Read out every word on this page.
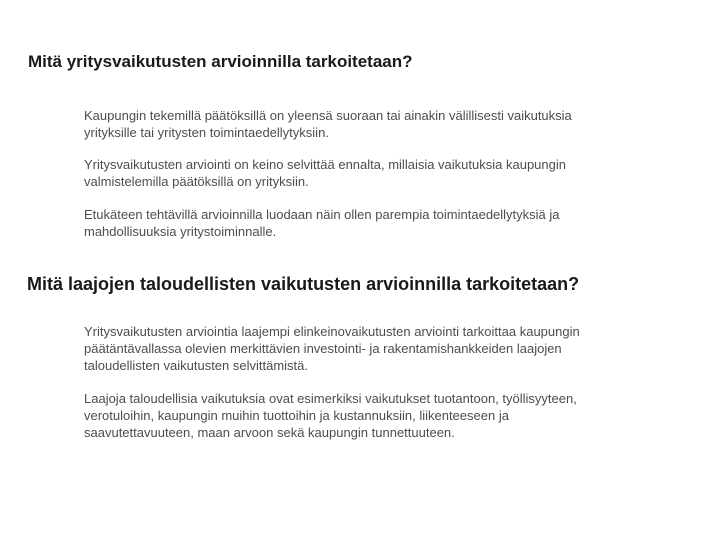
Mitä yritysvaikutusten arvioinnilla tarkoitetaan?

Kaupungin tekemillä päätöksillä on yleensä suoraan tai ainakin välillisesti vaikutuksia
yrityksille tai yritysten toimintaedellytyksiin.

Yritysvaikutusten arviointi on keino selvittää ennalta, millaisia vaikutuksia kaupungin
valmistelemilla päätöksillä on yrityksiin.

Etukäteen tehtävillä arvioinnilla luodaan näin ollen parempia toimintaedellytyksiä ja
mahdollisuuksia yritystoiminnalle.

Mitä laajojen taloudellisten vaikutusten arvioinnilla tarkoitetaan?

Yritysvaikutusten arviointia laajempi elinkeinovaikutusten arviointi tarkoittaa kaupungin
päätäntävallassa olevien merkittävien investointi- ja rakentamishankkeiden laajojen
taloudellisten vaikutusten selvittämistä.

Laajoja taloudellisia vaikutuksia ovat esimerkiksi vaikutukset tuotantoon, työllisyyteen,
verotuloihin, kaupungin muihin tuottoihin ja kustannuksiin, liikenteeseen ja
saavutettavuuteen, maan arvoon sekä kaupungin tunnettuuteen.
